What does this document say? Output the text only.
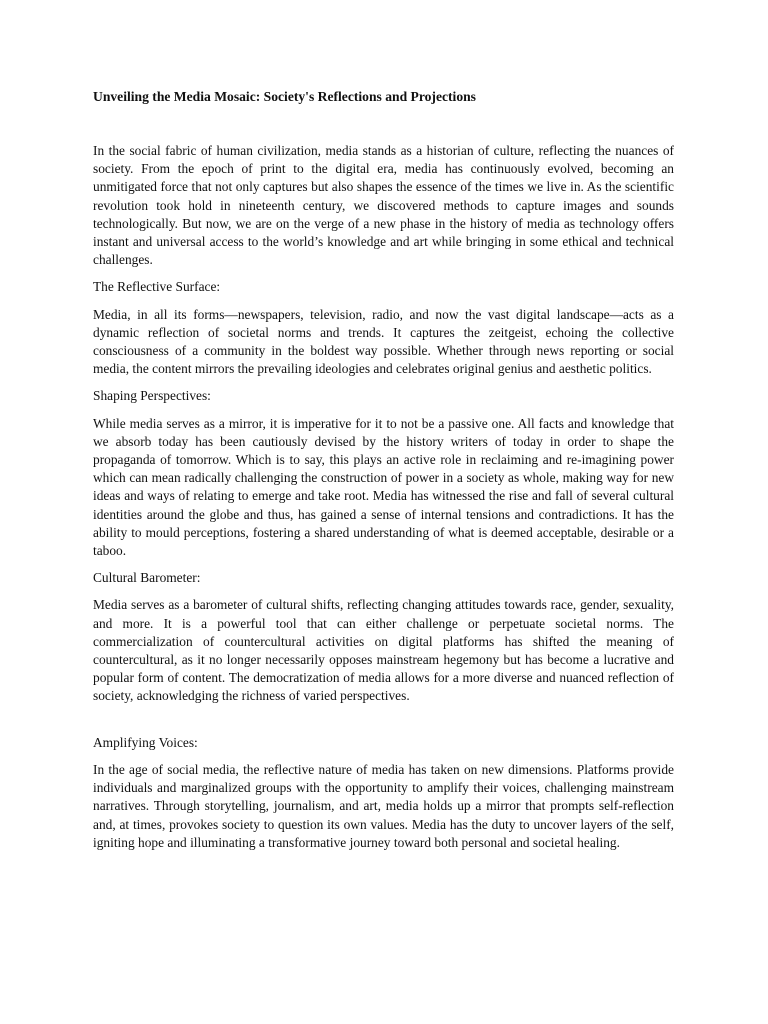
Unveiling the Media Mosaic: Society's Reflections and Projections

In the social fabric of human civilization, media stands as a historian of culture, reflecting the nuances of society. From the epoch of print to the digital era, media has continuously evolved, becoming an unmitigated force that not only captures but also shapes the essence of the times we live in. As the scientific revolution took hold in nineteenth century, we discovered methods to capture images and sounds technologically. But now, we are on the verge of a new phase in the history of media as technology offers instant and universal access to the world’s knowledge and art while bringing in some ethical and technical challenges.

The Reflective Surface:

Media, in all its forms—newspapers, television, radio, and now the vast digital landscape—acts as a dynamic reflection of societal norms and trends. It captures the zeitgeist, echoing the collective consciousness of a community in the boldest way possible. Whether through news reporting or social media, the content mirrors the prevailing ideologies and celebrates original genius and aesthetic politics.

Shaping Perspectives:

While media serves as a mirror, it is imperative for it to not be a passive one. All facts and knowledge that we absorb today has been cautiously devised by the history writers of today in order to shape the propaganda of tomorrow. Which is to say, this plays an active role in reclaiming and re-imagining power which can mean radically challenging the construction of power in a society as whole, making way for new ideas and ways of relating to emerge and take root. Media has witnessed the rise and fall of several cultural identities around the globe and thus, has gained a sense of internal tensions and contradictions. It has the ability to mould perceptions, fostering a shared understanding of what is deemed acceptable, desirable or a taboo.

Cultural Barometer:

Media serves as a barometer of cultural shifts, reflecting changing attitudes towards race, gender, sexuality, and more. It is a powerful tool that can either challenge or perpetuate societal norms. The commercialization of countercultural activities on digital platforms has shifted the meaning of countercultural, as it no longer necessarily opposes mainstream hegemony but has become a lucrative and popular form of content. The democratization of media allows for a more diverse and nuanced reflection of society, acknowledging the richness of varied perspectives.

Amplifying Voices:

In the age of social media, the reflective nature of media has taken on new dimensions. Platforms provide individuals and marginalized groups with the opportunity to amplify their voices, challenging mainstream narratives. Through storytelling, journalism, and art, media holds up a mirror that prompts self-reflection and, at times, provokes society to question its own values. Media has the duty to uncover layers of the self, igniting hope and illuminating a transformative journey toward both personal and societal healing.
